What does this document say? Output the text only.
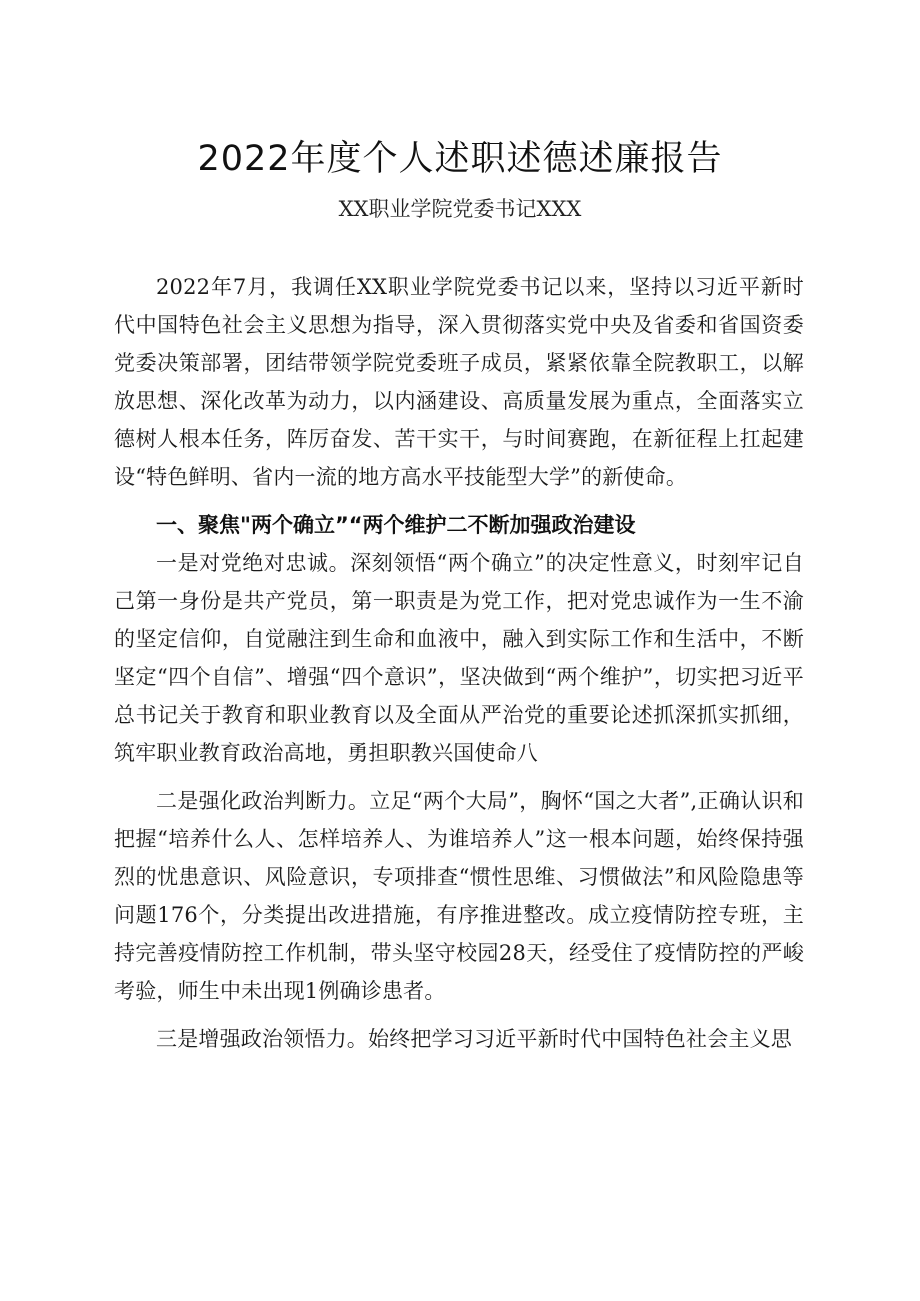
2022年度个人述职述德述廉报告
XX职业学院党委书记XXX

2022年7月，我调任XX职业学院党委书记以来，坚持以习近平新时代中国特色社会主义思想为指导，深入贯彻落实党中央及省委和省国资委党委决策部署，团结带领学院党委班子成员，紧紧依靠全院教职工，以解放思想、深化改革为动力，以内涵建设、高质量发展为重点，全面落实立德树人根本任务，阵厉奋发、苦干实干，与时间赛跑，在新征程上扛起建设“特色鲜明、省内一流的地方高水平技能型大学”的新使命。

一、聚焦"两个确立”“两个维护二不断加强政治建设

一是对党绝对忠诚。深刻领悟“两个确立”的决定性意义，时刻牢记自己第一身份是共产党员，第一职责是为党工作，把对党忠诚作为一生不渝的坚定信仰，自觉融注到生命和血液中，融入到实际工作和生活中，不断坚定“四个自信”、增强“四个意识”，坚决做到“两个维护”，切实把习近平总书记关于教育和职业教育以及全面从严治党的重要论述抓深抓实抓细，筑牢职业教育政治高地，勇担职教兴国使命八

二是强化政治判断力。立足“两个大局”，胸怀“国之大者”,正确认识和把握“培养什么人、怎样培养人、为谁培养人”这一根本问题，始终保持强烈的忧患意识、风险意识，专项排查“惯性思维、习惯做法”和风险隐患等问题176个，分类提出改进措施，有序推进整改。成立疫情防控专班，主持完善疫情防控工作机制，带头坚守校园28天，经受住了疫情防控的严峻考验，师生中未出现1例确诊患者。

三是增强政治领悟力。始终把学习习近平新时代中国特色社会主义思
